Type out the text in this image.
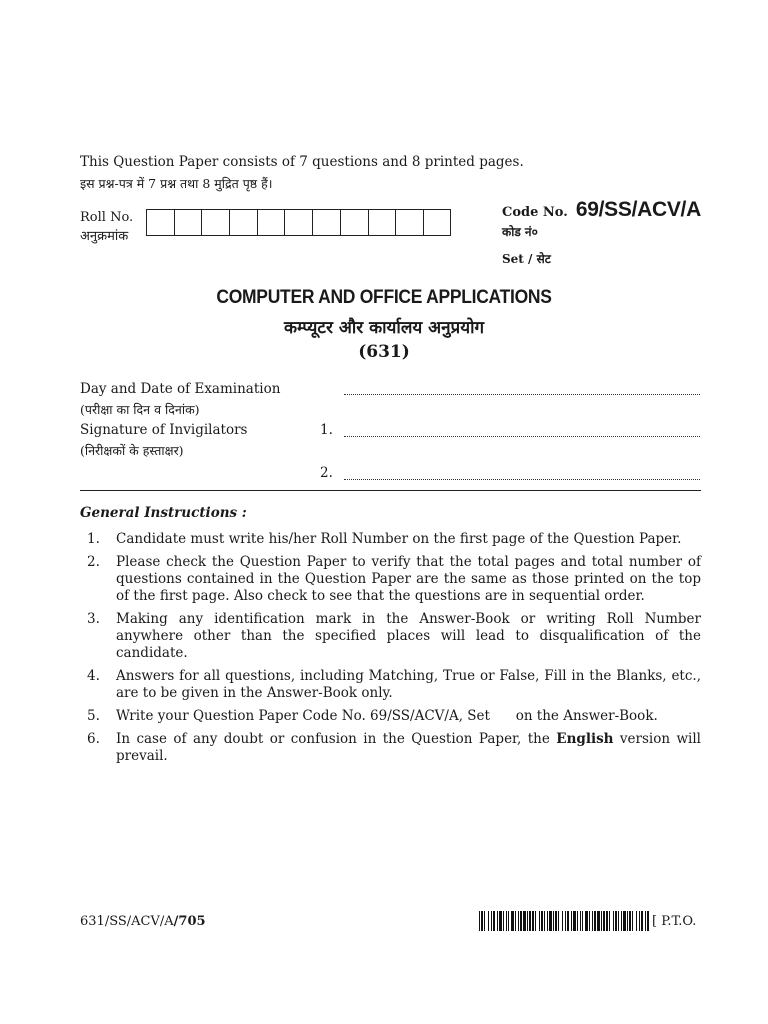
This Question Paper consists of 7 questions and 8 printed pages.
इस प्रश्न-पत्र में 7 प्रश्न तथा 8 मुद्रित पृष्ठ हैं।
Roll No.
अनुक्रमांक
Code No. 69/SS/ACV/A
कोड नं०
Set / सेट
COMPUTER AND OFFICE APPLICATIONS
कम्प्यूटर और कार्यालय अनुप्रयोग
(631)
Day and Date of Examination
(परीक्षा का दिन व दिनांक)
Signature of Invigilators	1.
(निरीक्षकों के हस्ताक्षर)
2.
General Instructions :
1.	Candidate must write his/her Roll Number on the first page of the Question Paper.
2.	Please check the Question Paper to verify that the total pages and total number of questions contained in the Question Paper are the same as those printed on the top of the first page. Also check to see that the questions are in sequential order.
3.	Making any identification mark in the Answer-Book or writing Roll Number anywhere other than the specified places will lead to disqualification of the candidate.
4.	Answers for all questions, including Matching, True or False, Fill in the Blanks, etc., are to be given in the Answer-Book only.
5.	Write your Question Paper Code No. 69/SS/ACV/A, Set      on the Answer-Book.
6.	In case of any doubt or confusion in the Question Paper, the English version will prevail.
631/SS/ACV/A/705	[ P.T.O.
